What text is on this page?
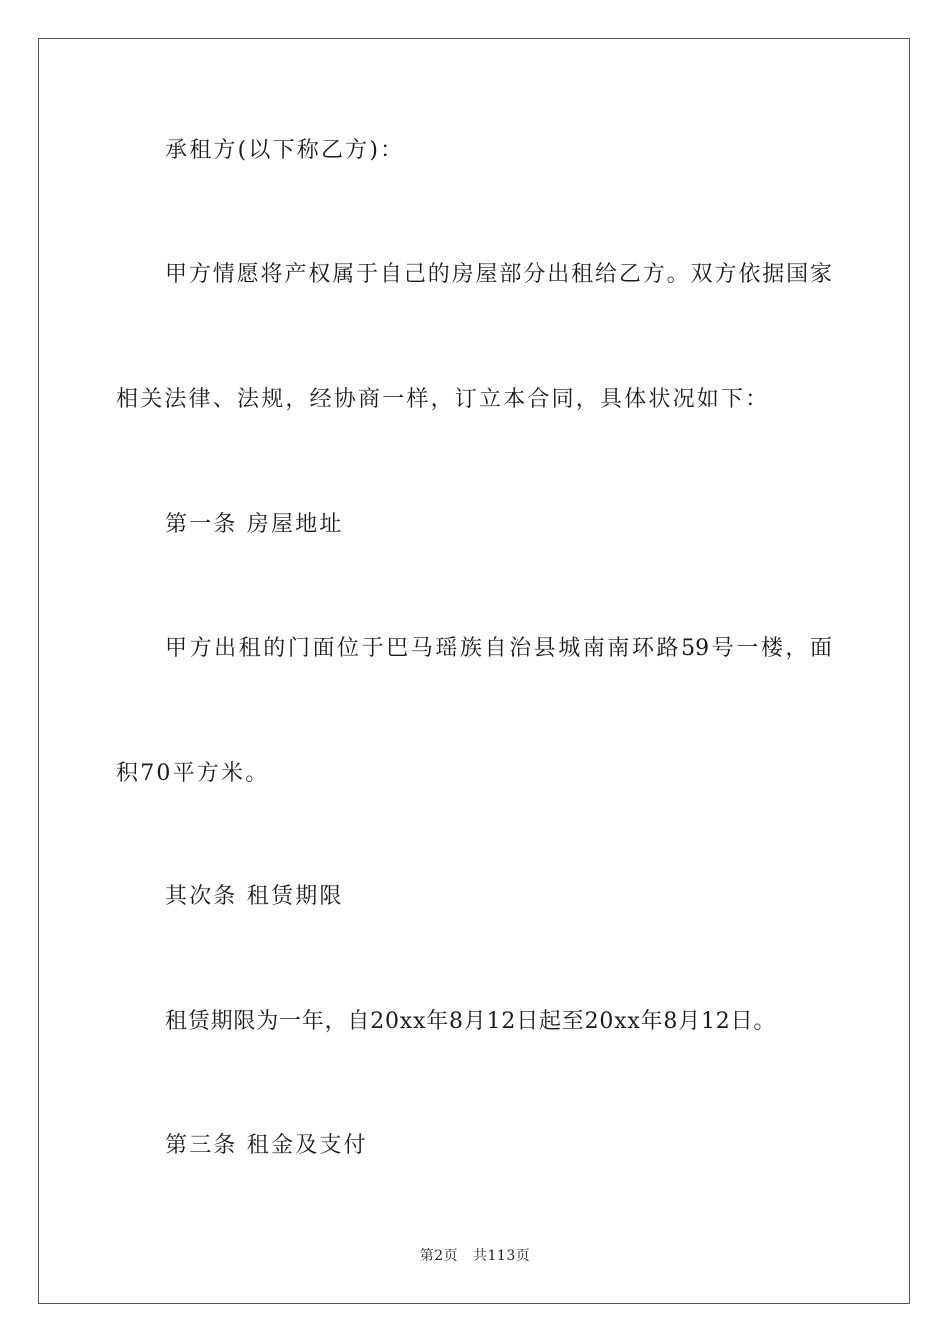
承租方(以下称乙方)：
甲方情愿将产权属于自己的房屋部分出租给乙方。双方依据国家
相关法律、法规，经协商一样，订立本合同，具体状况如下：
第一条 房屋地址
甲方出租的门面位于巴马瑶族自治县城南南环路59号一楼，面
积70平方米。
其次条 租赁期限
租赁期限为一年，自20xx年8月12日起至20xx年8月12日。
第三条 租金及支付
第2页 共113页
